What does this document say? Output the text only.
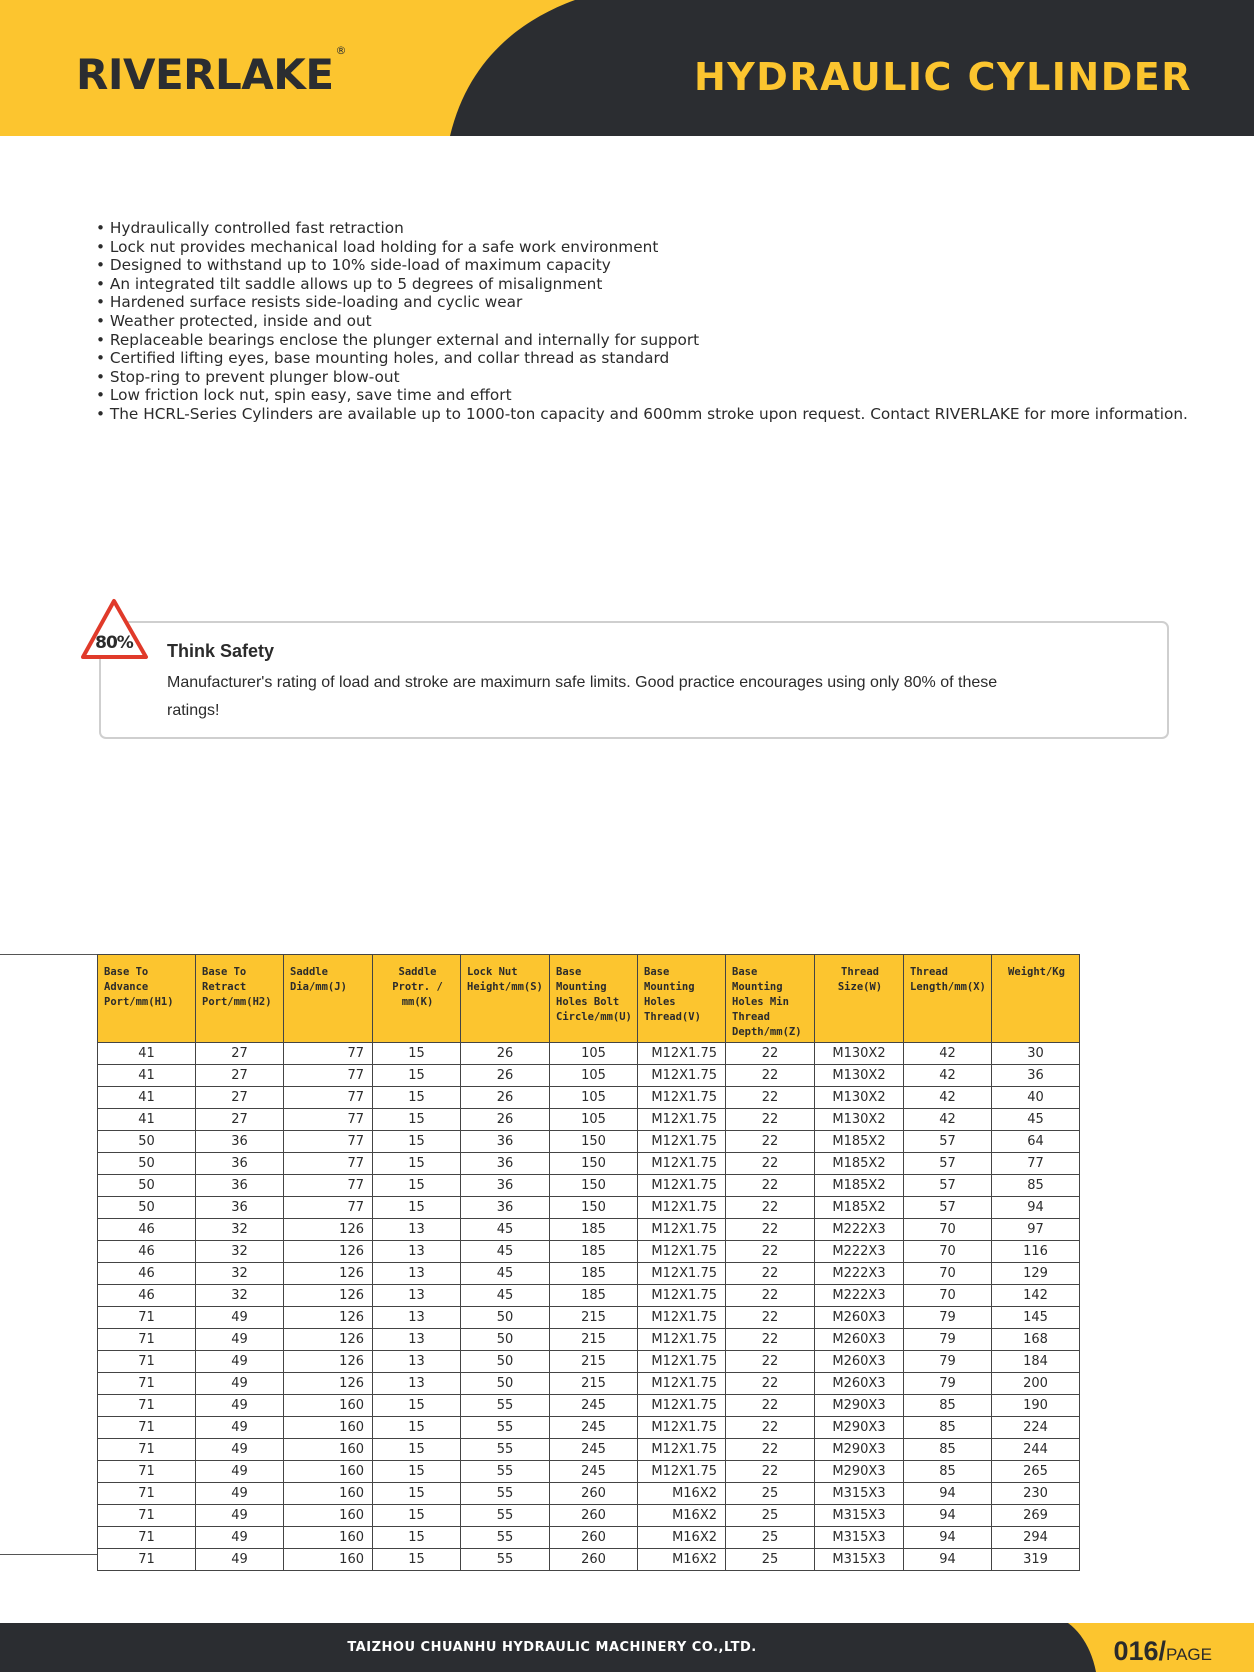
RIVERLAKE ®
HYDRAULIC CYLINDER
• Hydraulically controlled fast retraction
• Lock nut provides mechanical load holding for a safe work environment
• Designed to withstand up to 10% side-load of maximum capacity
• An integrated tilt saddle allows up to 5 degrees of misalignment
• Hardened surface resists side-loading and cyclic wear
• Weather protected, inside and out
• Replaceable bearings enclose the plunger external and internally for support
• Certified lifting eyes, base mounting holes, and collar thread as standard
• Stop-ring to prevent plunger blow-out
• Low friction lock nut, spin easy, save time and effort
• The HCRL-Series Cylinders are available up to 1000-ton capacity and 600mm stroke upon request. Contact RIVERLAKE for more information.
80%	Think Safety
Manufacturer's rating of load and stroke are maximurn safe limits. Good practice encourages using only 80% of these ratings!
Base To Advance Port/mm(H1)	Base To Retract Port/mm(H2)	Saddle Dia/mm(J)	Saddle Protr. / mm(K)	Lock Nut Height/mm(S)	Base Mounting Holes Bolt Circle/mm(U)	Base Mounting Holes Thread(V)	Base Mounting Holes Min Thread Depth/mm(Z)	Thread Size(W)	Thread Length/mm(X)	Weight/Kg
41	27	77	15	26	105	M12X1.75	22	M130X2	42	30
41	27	77	15	26	105	M12X1.75	22	M130X2	42	36
41	27	77	15	26	105	M12X1.75	22	M130X2	42	40
41	27	77	15	26	105	M12X1.75	22	M130X2	42	45
50	36	77	15	36	150	M12X1.75	22	M185X2	57	64
50	36	77	15	36	150	M12X1.75	22	M185X2	57	77
50	36	77	15	36	150	M12X1.75	22	M185X2	57	85
50	36	77	15	36	150	M12X1.75	22	M185X2	57	94
46	32	126	13	45	185	M12X1.75	22	M222X3	70	97
46	32	126	13	45	185	M12X1.75	22	M222X3	70	116
46	32	126	13	45	185	M12X1.75	22	M222X3	70	129
46	32	126	13	45	185	M12X1.75	22	M222X3	70	142
71	49	126	13	50	215	M12X1.75	22	M260X3	79	145
71	49	126	13	50	215	M12X1.75	22	M260X3	79	168
71	49	126	13	50	215	M12X1.75	22	M260X3	79	184
71	49	126	13	50	215	M12X1.75	22	M260X3	79	200
71	49	160	15	55	245	M12X1.75	22	M290X3	85	190
71	49	160	15	55	245	M12X1.75	22	M290X3	85	224
71	49	160	15	55	245	M12X1.75	22	M290X3	85	244
71	49	160	15	55	245	M12X1.75	22	M290X3	85	265
71	49	160	15	55	260	M16X2	25	M315X3	94	230
71	49	160	15	55	260	M16X2	25	M315X3	94	269
71	49	160	15	55	260	M16X2	25	M315X3	94	294
71	49	160	15	55	260	M16X2	25	M315X3	94	319
TAIZHOU CHUANHU HYDRAULIC MACHINERY CO.,LTD.	016/PAGE
